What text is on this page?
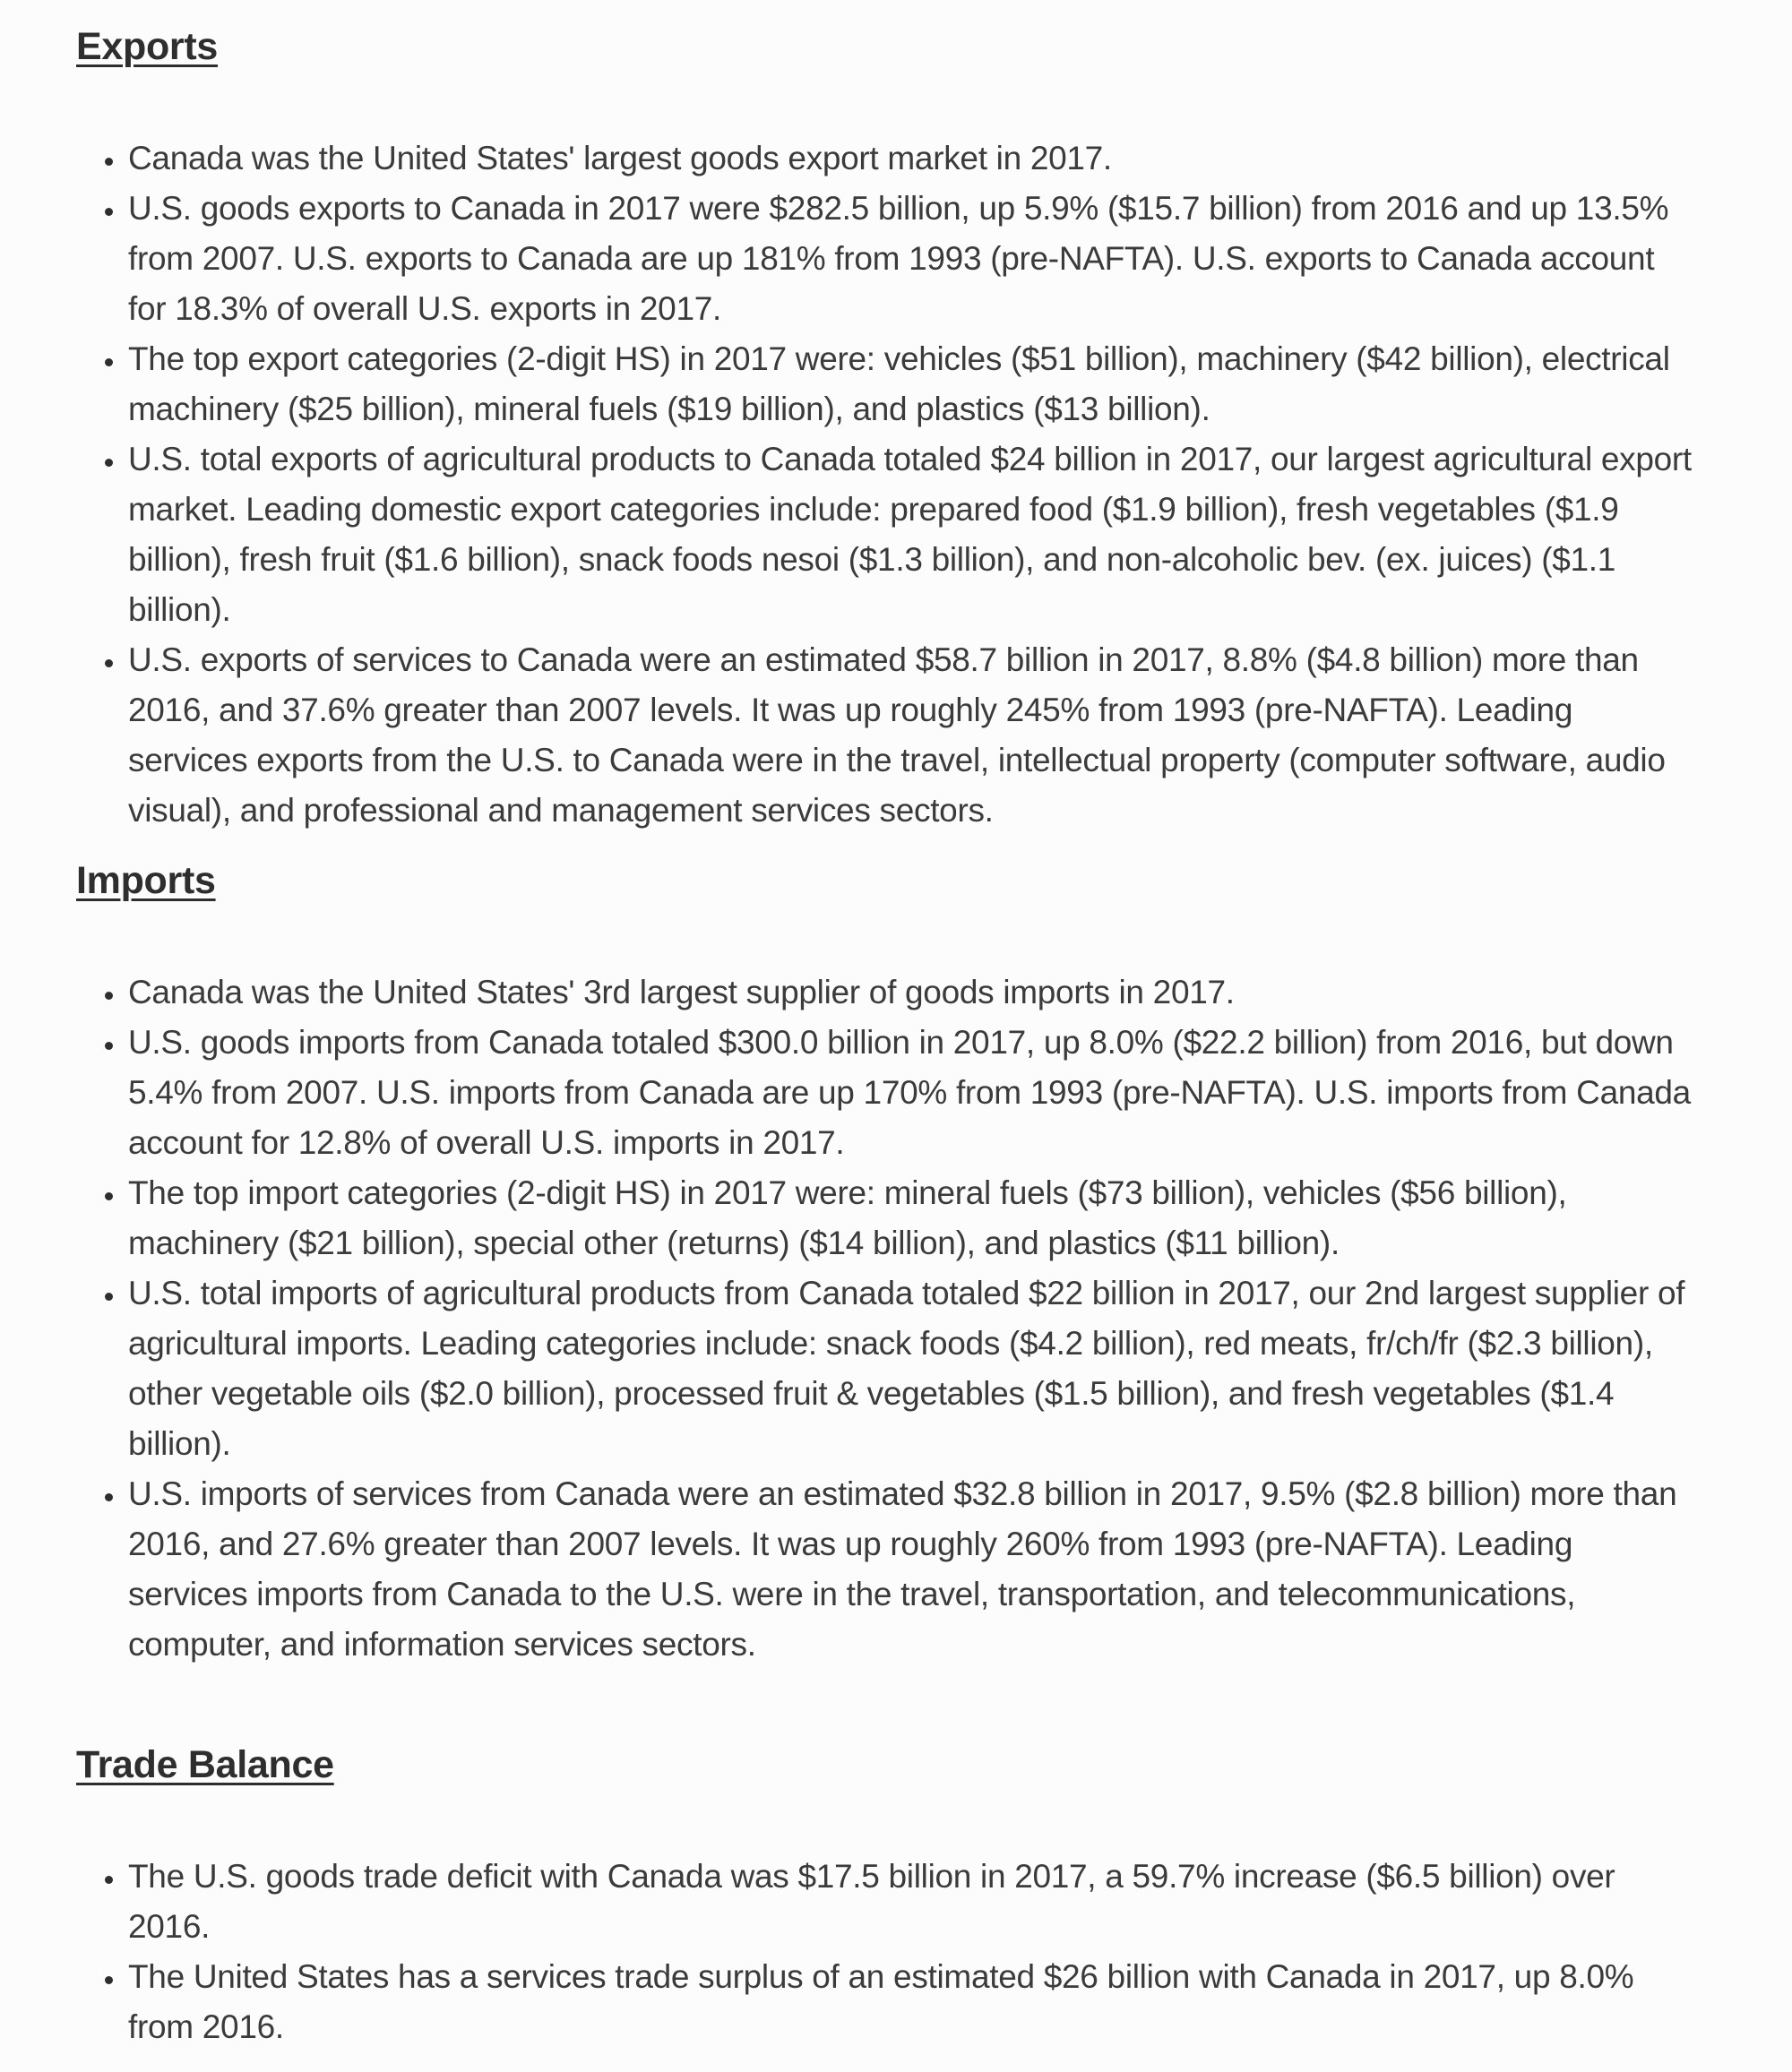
Exports
• Canada was the United States' largest goods export market in 2017.
• U.S. goods exports to Canada in 2017 were $282.5 billion, up 5.9% ($15.7 billion) from 2016 and up 13.5% from 2007. U.S. exports to Canada are up 181% from 1993 (pre-NAFTA). U.S. exports to Canada account for 18.3% of overall U.S. exports in 2017.
• The top export categories (2-digit HS) in 2017 were: vehicles ($51 billion), machinery ($42 billion), electrical machinery ($25 billion), mineral fuels ($19 billion), and plastics ($13 billion).
• U.S. total exports of agricultural products to Canada totaled $24 billion in 2017, our largest agricultural export market. Leading domestic export categories include: prepared food ($1.9 billion), fresh vegetables ($1.9 billion), fresh fruit ($1.6 billion), snack foods nesoi ($1.3 billion), and non-alcoholic bev. (ex. juices) ($1.1 billion).
• U.S. exports of services to Canada were an estimated $58.7 billion in 2017, 8.8% ($4.8 billion) more than 2016, and 37.6% greater than 2007 levels. It was up roughly 245% from 1993 (pre-NAFTA). Leading services exports from the U.S. to Canada were in the travel, intellectual property (computer software, audio visual), and professional and management services sectors.
Imports
• Canada was the United States' 3rd largest supplier of goods imports in 2017.
• U.S. goods imports from Canada totaled $300.0 billion in 2017, up 8.0% ($22.2 billion) from 2016, but down 5.4% from 2007. U.S. imports from Canada are up 170% from 1993 (pre-NAFTA). U.S. imports from Canada account for 12.8% of overall U.S. imports in 2017.
• The top import categories (2-digit HS) in 2017 were: mineral fuels ($73 billion), vehicles ($56 billion), machinery ($21 billion), special other (returns) ($14 billion), and plastics ($11 billion).
• U.S. total imports of agricultural products from Canada totaled $22 billion in 2017, our 2nd largest supplier of agricultural imports. Leading categories include: snack foods ($4.2 billion), red meats, fr/ch/fr ($2.3 billion), other vegetable oils ($2.0 billion), processed fruit & vegetables ($1.5 billion), and fresh vegetables ($1.4 billion).
• U.S. imports of services from Canada were an estimated $32.8 billion in 2017, 9.5% ($2.8 billion) more than 2016, and 27.6% greater than 2007 levels. It was up roughly 260% from 1993 (pre-NAFTA). Leading services imports from Canada to the U.S. were in the travel, transportation, and telecommunications, computer, and information services sectors.
Trade Balance
• The U.S. goods trade deficit with Canada was $17.5 billion in 2017, a 59.7% increase ($6.5 billion) over 2016.
• The United States has a services trade surplus of an estimated $26 billion with Canada in 2017, up 8.0% from 2016.
